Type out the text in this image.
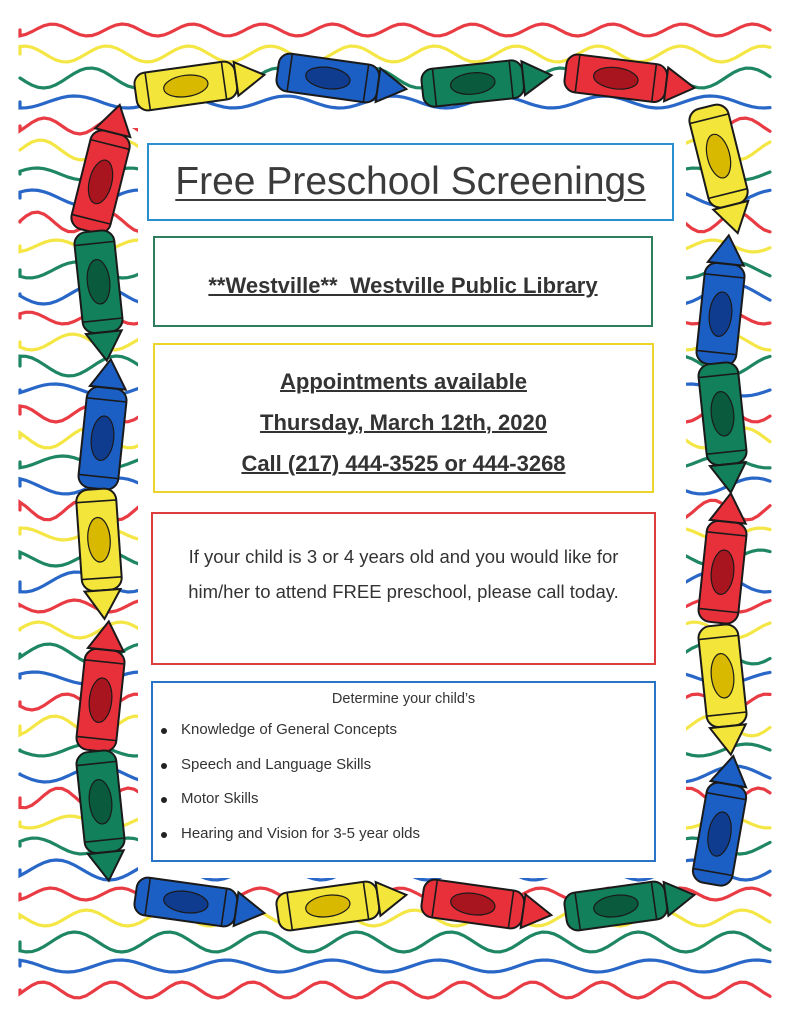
Free Preschool Screenings

**Westville**  Westville Public Library

Appointments available

Thursday, March 12th, 2020

Call (217) 444-3525 or 444-3268

If your child is 3 or 4 years old and you would like for him/her to attend FREE preschool, please call today.

Determine your child’s
Knowledge of General Concepts
Speech and Language Skills
Motor Skills
Hearing and Vision for 3-5 year olds
